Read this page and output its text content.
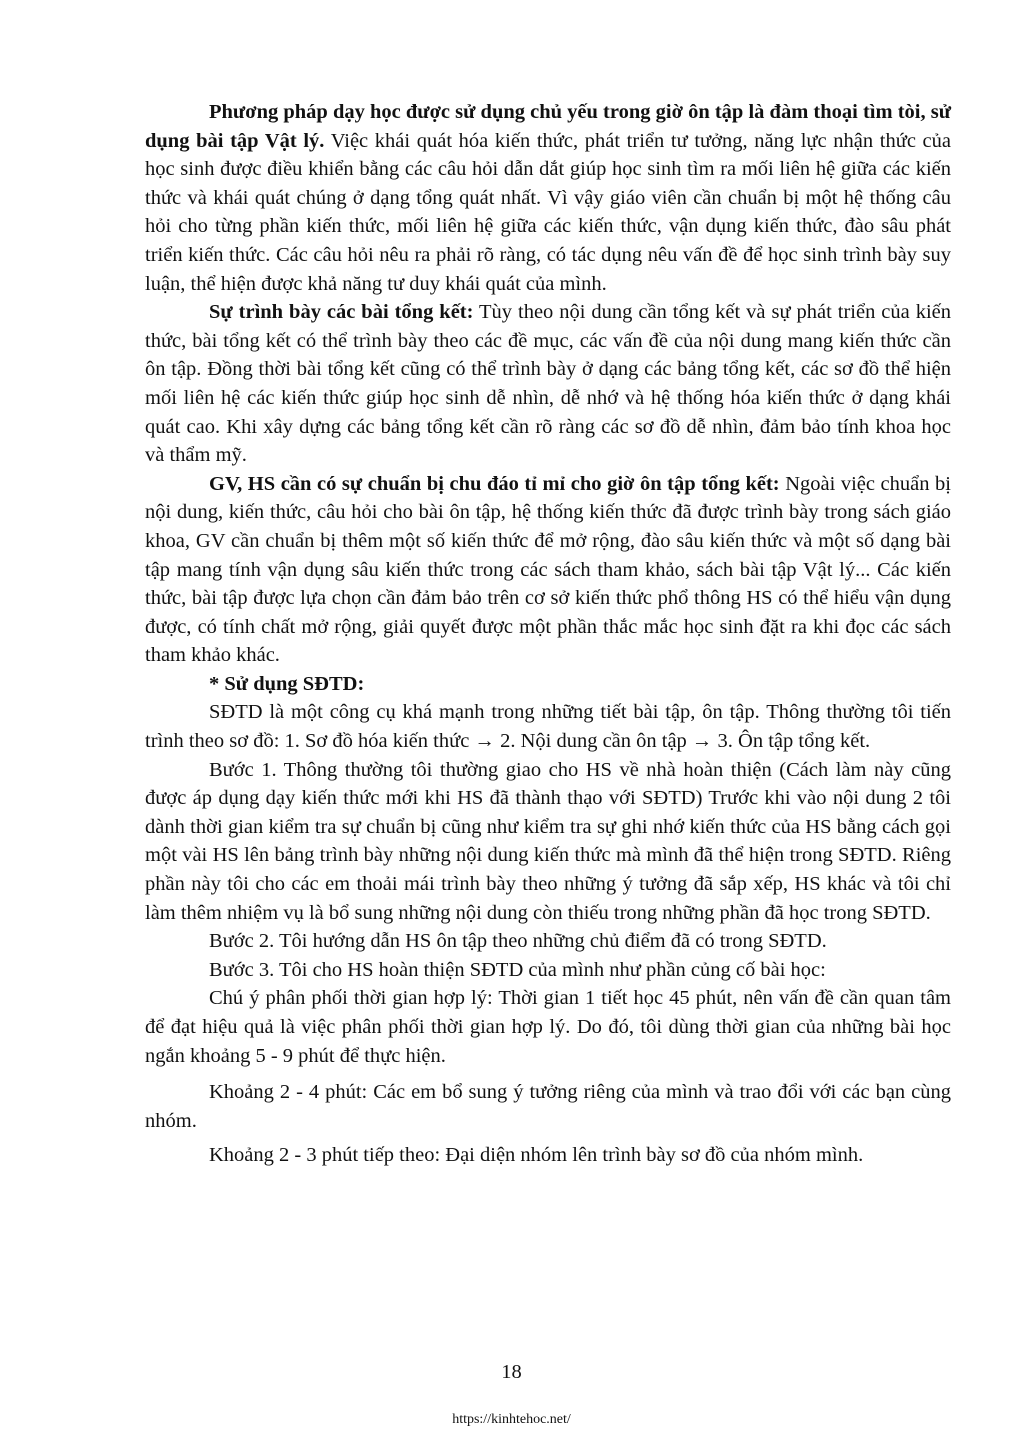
Phương pháp dạy học được sử dụng chủ yếu trong giờ ôn tập là đàm thoại tìm tòi, sử dụng bài tập Vật lý. Việc khái quát hóa kiến thức, phát triển tư tưởng, năng lực nhận thức của học sinh được điều khiển bằng các câu hỏi dẫn dắt giúp học sinh tìm ra mối liên hệ giữa các kiến thức và khái quát chúng ở dạng tổng quát nhất. Vì vậy giáo viên cần chuẩn bị một hệ thống câu hỏi cho từng phần kiến thức, mối liên hệ giữa các kiến thức, vận dụng kiến thức, đào sâu phát triển kiến thức. Các câu hỏi nêu ra phải rõ ràng, có tác dụng nêu vấn đề để học sinh trình bày suy luận, thể hiện được khả năng tư duy khái quát của mình.

Sự trình bày các bài tổng kết: Tùy theo nội dung cần tổng kết và sự phát triển của kiến thức, bài tổng kết có thể trình bày theo các đề mục, các vấn đề của nội dung mang kiến thức cần ôn tập. Đồng thời bài tổng kết cũng có thể trình bày ở dạng các bảng tổng kết, các sơ đồ thể hiện mối liên hệ các kiến thức giúp học sinh dễ nhìn, dễ nhớ và hệ thống hóa kiến thức ở dạng khái quát cao. Khi xây dựng các bảng tổng kết cần rõ ràng các sơ đồ dễ nhìn, đảm bảo tính khoa học và thẩm mỹ.

GV, HS cần có sự chuẩn bị chu đáo tỉ mỉ cho giờ ôn tập tổng kết: Ngoài việc chuẩn bị nội dung, kiến thức, câu hỏi cho bài ôn tập, hệ thống kiến thức đã được trình bày trong sách giáo khoa, GV cần chuẩn bị thêm một số kiến thức để mở rộng, đào sâu kiến thức và một số dạng bài tập mang tính vận dụng sâu kiến thức trong các sách tham khảo, sách bài tập Vật lý... Các kiến thức, bài tập được lựa chọn cần đảm bảo trên cơ sở kiến thức phổ thông HS có thể hiểu vận dụng được, có tính chất mở rộng, giải quyết được một phần thắc mắc học sinh đặt ra khi đọc các sách tham khảo khác.

* Sử dụng SĐTD:

SĐTD là một công cụ khá mạnh trong những tiết bài tập, ôn tập. Thông thường tôi tiến trình theo sơ đồ: 1. Sơ đồ hóa kiến thức → 2. Nội dung cần ôn tập → 3. Ôn tập tổng kết.

Bước 1. Thông thường tôi thường giao cho HS về nhà hoàn thiện (Cách làm này cũng được áp dụng dạy kiến thức mới khi HS đã thành thạo với SĐTD) Trước khi vào nội dung 2 tôi dành thời gian kiểm tra sự chuẩn bị cũng như kiểm tra sự ghi nhớ kiến thức của HS bằng cách gọi một vài HS lên bảng trình bày những nội dung kiến thức mà mình đã thể hiện trong SĐTD. Riêng phần này tôi cho các em thoải mái trình bày theo những ý tưởng đã sắp xếp, HS khác và tôi chỉ làm thêm nhiệm vụ là bổ sung những nội dung còn thiếu trong những phần đã học trong SĐTD.

Bước 2. Tôi hướng dẫn HS ôn tập theo những chủ điểm đã có trong SĐTD.

Bước 3. Tôi cho HS hoàn thiện SĐTD của mình như phần củng cố bài học:

Chú ý phân phối thời gian hợp lý: Thời gian 1 tiết học 45 phút, nên vấn đề cần quan tâm để đạt hiệu quả là việc phân phối thời gian hợp lý. Do đó, tôi dùng thời gian của những bài học ngắn khoảng 5 - 9 phút để thực hiện.

Khoảng 2 - 4 phút: Các em bổ sung ý tưởng riêng của mình và trao đổi với các bạn cùng nhóm.

Khoảng 2 - 3 phút tiếp theo: Đại diện nhóm lên trình bày sơ đồ của nhóm mình.

18
https://kinhtehoc.net/
